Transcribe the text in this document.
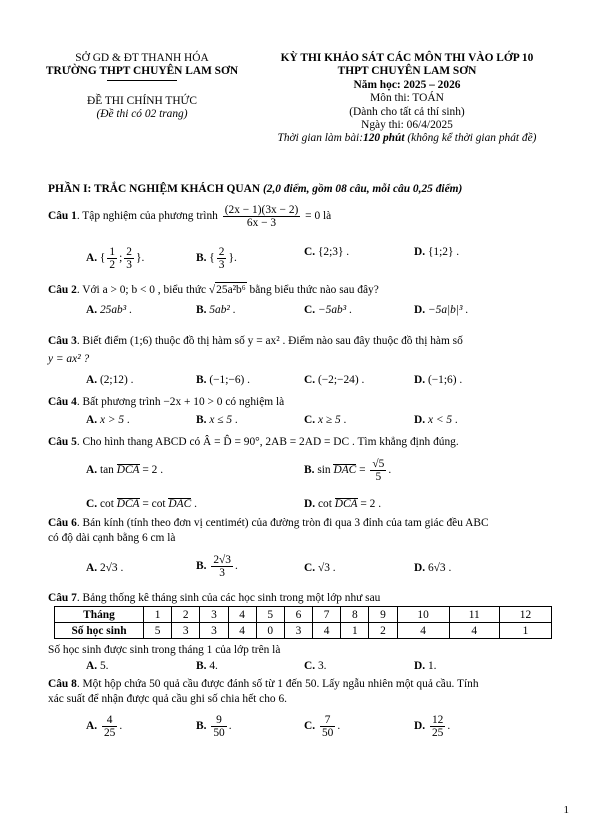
SỞ GD & ĐT THANH HÓA
TRƯỜNG THPT CHUYÊN LAM SƠN
ĐỀ THI CHÍNH THỨC
(Đề thi có 02 trang)
KỲ THI KHẢO SÁT CÁC MÔN THI VÀO LỚP 10
THPT CHUYÊN LAM SƠN
Năm học: 2025 – 2026
Môn thi: TOÁN
(Dành cho tất cả thí sinh)
Ngày thi: 06/4/2025
Thời gian làm bài:120 phút (không kể thời gian phát đề)
PHẦN I: TRẮC NGHIỆM KHÁCH QUAN (2,0 điểm, gồm 08 câu, mỗi câu 0,25 điểm)
Câu 1. Tập nghiệm của phương trình $\frac{(2x - 1)(3x - 2)}{6x - 3} = 0$ là
A. { $\frac{1}{2}$ ; $\frac{2}{3}$ }.	B. { $\frac{2}{3}$ }.
C. {2;3} .	D. {1;2} .
Câu 2. Với a > 0; b < 0 , biểu thức √25a²b⁶ bằng biểu thức nào sau đây?
A. 25ab³ .	B. 5ab² .	C. −5ab³ .	D. −5a|b|³ .
Câu 3. Biết điểm (1;6) thuộc đồ thị hàm số y = ax² . Điểm nào sau đây thuộc đồ thị hàm số
y = ax² ?
A. (2;12) .	B. (−1;−6) .	C. (−2;−24) .	D. (−1;6) .
Câu 4. Bất phương trình −2x + 10 > 0 có nghiệm là
A. x > 5 .	B. x ≤ 5 .	C. x ≥ 5 .	D. x < 5 .
Câu 5. Cho hình thang ABCD có Â = D̂ = 90°, 2AB = 2AD = DC . Tìm khẳng định đúng.
A. tan DCA = 2 .	B. sin DAC = $\frac{√5}{5}$ .
C. cot DCA = cot DAC .	D. cot DCA = 2 .
Câu 6. Bán kính (tính theo đơn vị centimét) của đường tròn đi qua 3 đỉnh của tam giác đều ABC
có độ dài cạnh bằng 6 cm là
A. 2√3 .	B. $\frac{2√3}{3}$ .	C. √3 .	D. 6√3 .
Câu 7. Bảng thống kê tháng sinh của các học sinh trong một lớp như sau
Tháng	1	2	3	4	5	6	7	8	9	10	11	12
Số học sinh	5	3	3	4	0	3	4	1	2	4	4	1
Số học sinh được sinh trong tháng 1 của lớp trên là
A. 5.	B. 4.	C. 3.	D. 1.
Câu 8. Một hộp chứa 50 quả cầu được đánh số từ 1 đến 50. Lấy ngẫu nhiên một quả cầu. Tính
xác suất để nhận được quả cầu ghi số chia hết cho 6.
A. $\frac{4}{25}$ .	B. $\frac{9}{50}$ .	C. $\frac{7}{50}$ .	D. $\frac{12}{25}$ .
1
